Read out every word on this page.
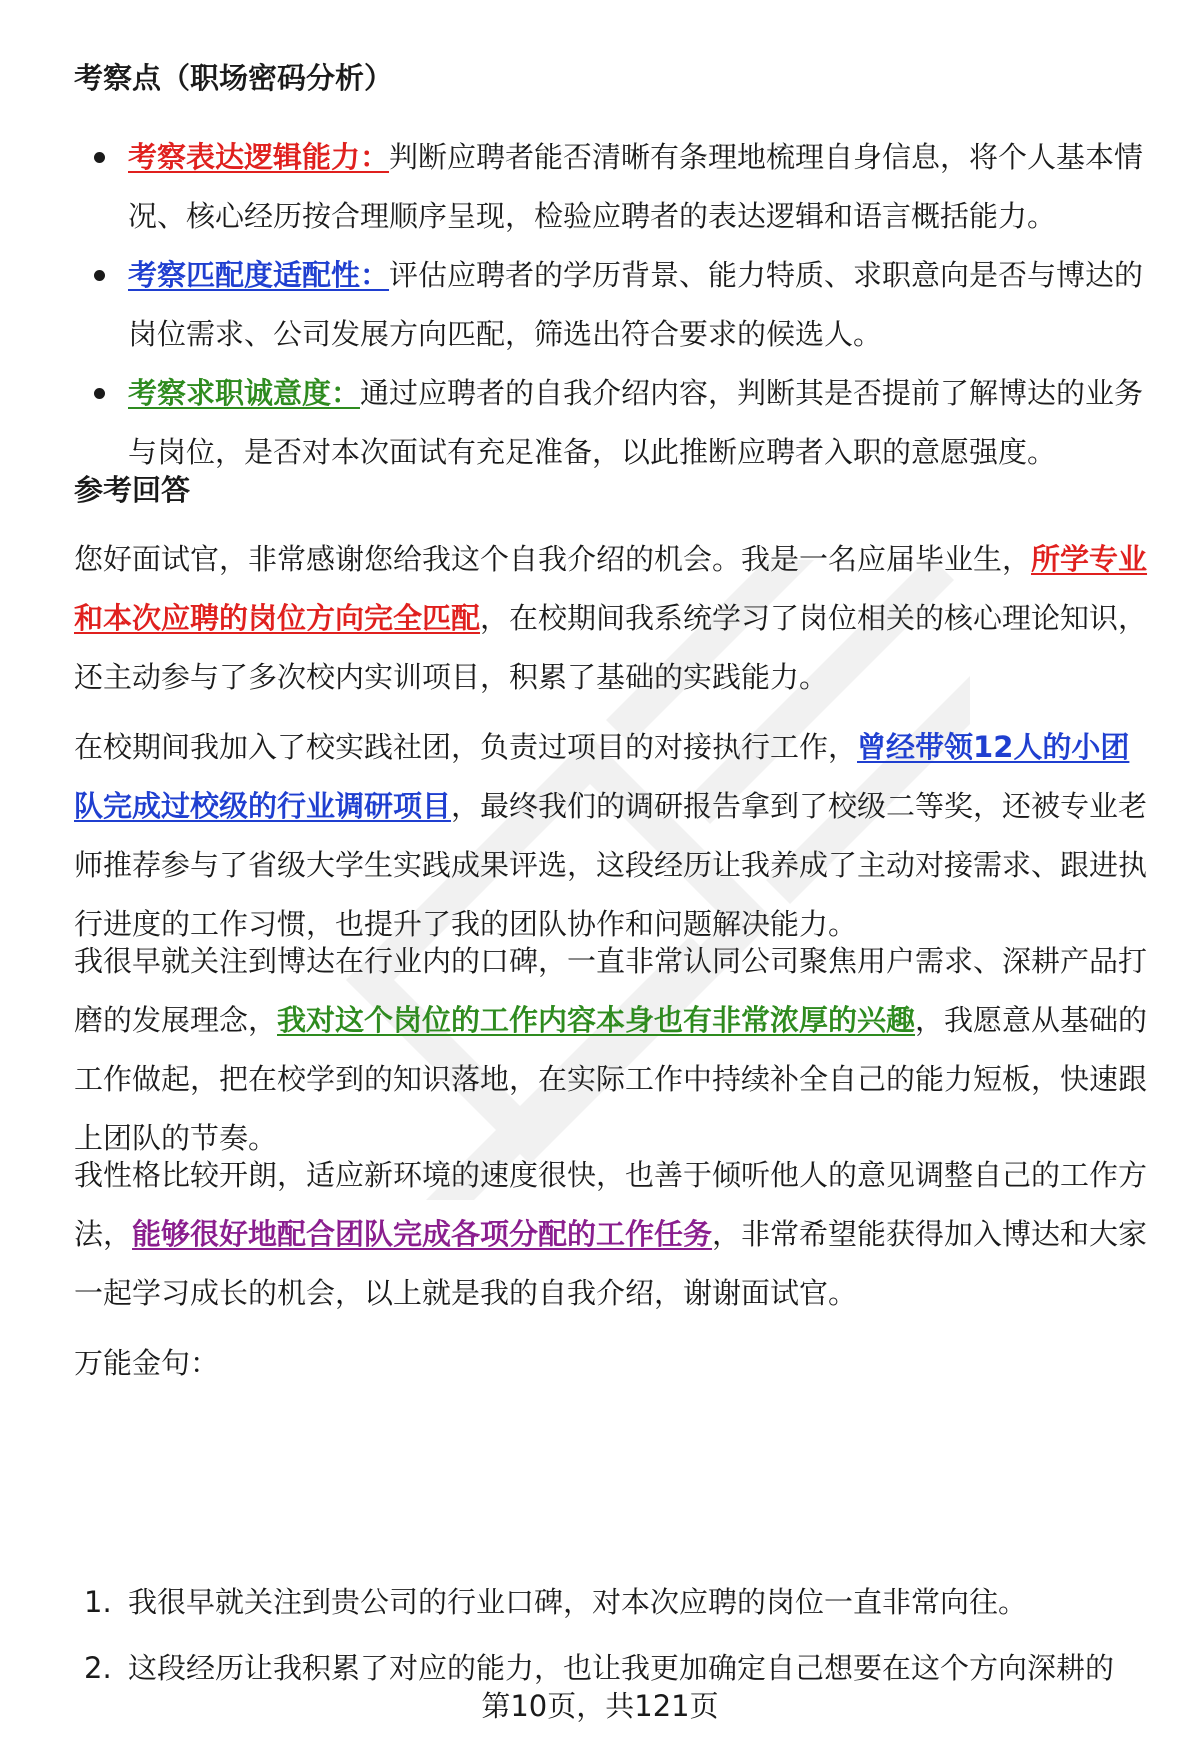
考察点（职场密码分析）
考察表达逻辑能力：判断应聘者能否清晰有条理地梳理自身信息，将个人基本情况、核心经历按合理顺序呈现，检验应聘者的表达逻辑和语言概括能力。
考察匹配度适配性：评估应聘者的学历背景、能力特质、求职意向是否与博达的岗位需求、公司发展方向匹配，筛选出符合要求的候选人。
考察求职诚意度：通过应聘者的自我介绍内容，判断其是否提前了解博达的业务与岗位，是否对本次面试有充足准备，以此推断应聘者入职的意愿强度。
参考回答

您好面试官，非常感谢您给我这个自我介绍的机会。我是一名应届毕业生，所学专业和本次应聘的岗位方向完全匹配，在校期间我系统学习了岗位相关的核心理论知识，还主动参与了多次校内实训项目，积累了基础的实践能力。

在校期间我加入了校实践社团，负责过项目的对接执行工作，曾经带领12人的小团队完成过校级的行业调研项目，最终我们的调研报告拿到了校级二等奖，还被专业老师推荐参与了省级大学生实践成果评选，这段经历让我养成了主动对接需求、跟进执行进度的工作习惯，也提升了我的团队协作和问题解决能力。

我很早就关注到博达在行业内的口碑，一直非常认同公司聚焦用户需求、深耕产品打磨的发展理念，我对这个岗位的工作内容本身也有非常浓厚的兴趣，我愿意从基础的工作做起，把在校学到的知识落地，在实际工作中持续补全自己的能力短板，快速跟上团队的节奏。

我性格比较开朗，适应新环境的速度很快，也善于倾听他人的意见调整自己的工作方法，能够很好地配合团队完成各项分配的工作任务，非常希望能获得加入博达和大家一起学习成长的机会，以上就是我的自我介绍，谢谢面试官。

万能金句：

1. 我很早就关注到贵公司的行业口碑，对本次应聘的岗位一直非常向往。
2. 这段经历让我积累了对应的能力，也让我更加确定自己想要在这个方向深耕的
第10页，共121页
